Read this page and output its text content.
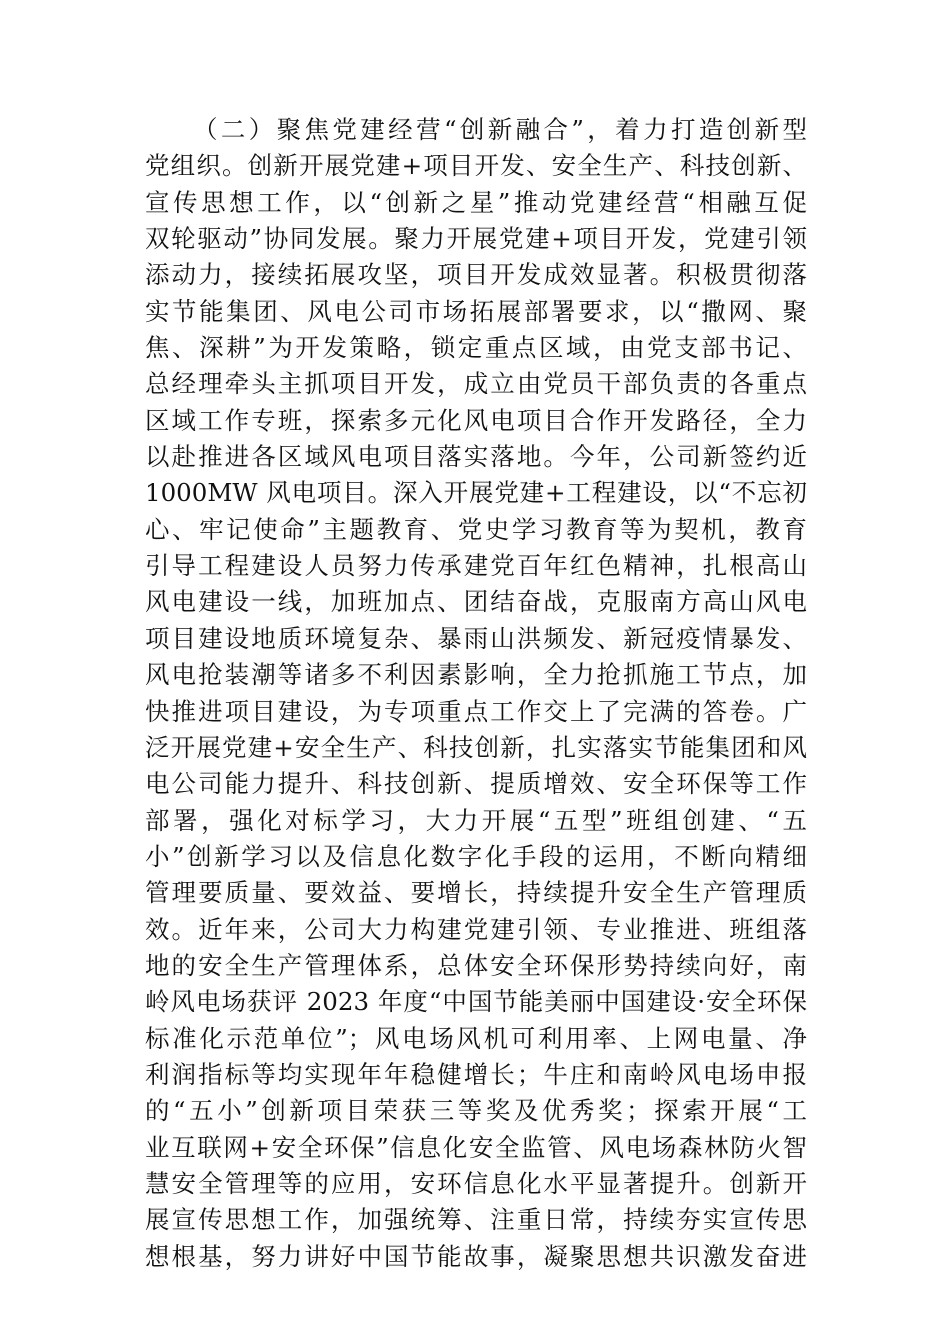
（二）聚焦党建经营“创新融合”，着力打造创新型
党组织。创新开展党建+项目开发、安全生产、科技创新、
宣传思想工作，以“创新之星”推动党建经营“相融互促
双轮驱动”协同发展。聚力开展党建+项目开发，党建引领
添动力，接续拓展攻坚，项目开发成效显著。积极贯彻落
实节能集团、风电公司市场拓展部署要求，以“撒网、聚
焦、深耕”为开发策略，锁定重点区域，由党支部书记、
总经理牵头主抓项目开发，成立由党员干部负责的各重点
区域工作专班，探索多元化风电项目合作开发路径，全力
以赴推进各区域风电项目落实落地。今年，公司新签约近
1000MW 风电项目。深入开展党建+工程建设，以“不忘初
心、牢记使命”主题教育、党史学习教育等为契机，教育
引导工程建设人员努力传承建党百年红色精神，扎根高山
风电建设一线，加班加点、团结奋战，克服南方高山风电
项目建设地质环境复杂、暴雨山洪频发、新冠疫情暴发、
风电抢装潮等诸多不利因素影响，全力抢抓施工节点，加
快推进项目建设，为专项重点工作交上了完满的答卷。广
泛开展党建+安全生产、科技创新，扎实落实节能集团和风
电公司能力提升、科技创新、提质增效、安全环保等工作
部署，强化对标学习，大力开展“五型”班组创建、“五
小”创新学习以及信息化数字化手段的运用，不断向精细
管理要质量、要效益、要增长，持续提升安全生产管理质
效。近年来，公司大力构建党建引领、专业推进、班组落
地的安全生产管理体系，总体安全环保形势持续向好，南
岭风电场获评 2023 年度“中国节能美丽中国建设·安全环保
标准化示范单位”；风电场风机可利用率、上网电量、净
利润指标等均实现年年稳健增长；牛庄和南岭风电场申报
的“五小”创新项目荣获三等奖及优秀奖；探索开展“工
业互联网+安全环保”信息化安全监管、风电场森林防火智
慧安全管理等的应用，安环信息化水平显著提升。创新开
展宣传思想工作，加强统筹、注重日常，持续夯实宣传思
想根基，努力讲好中国节能故事，凝聚思想共识激发奋进
